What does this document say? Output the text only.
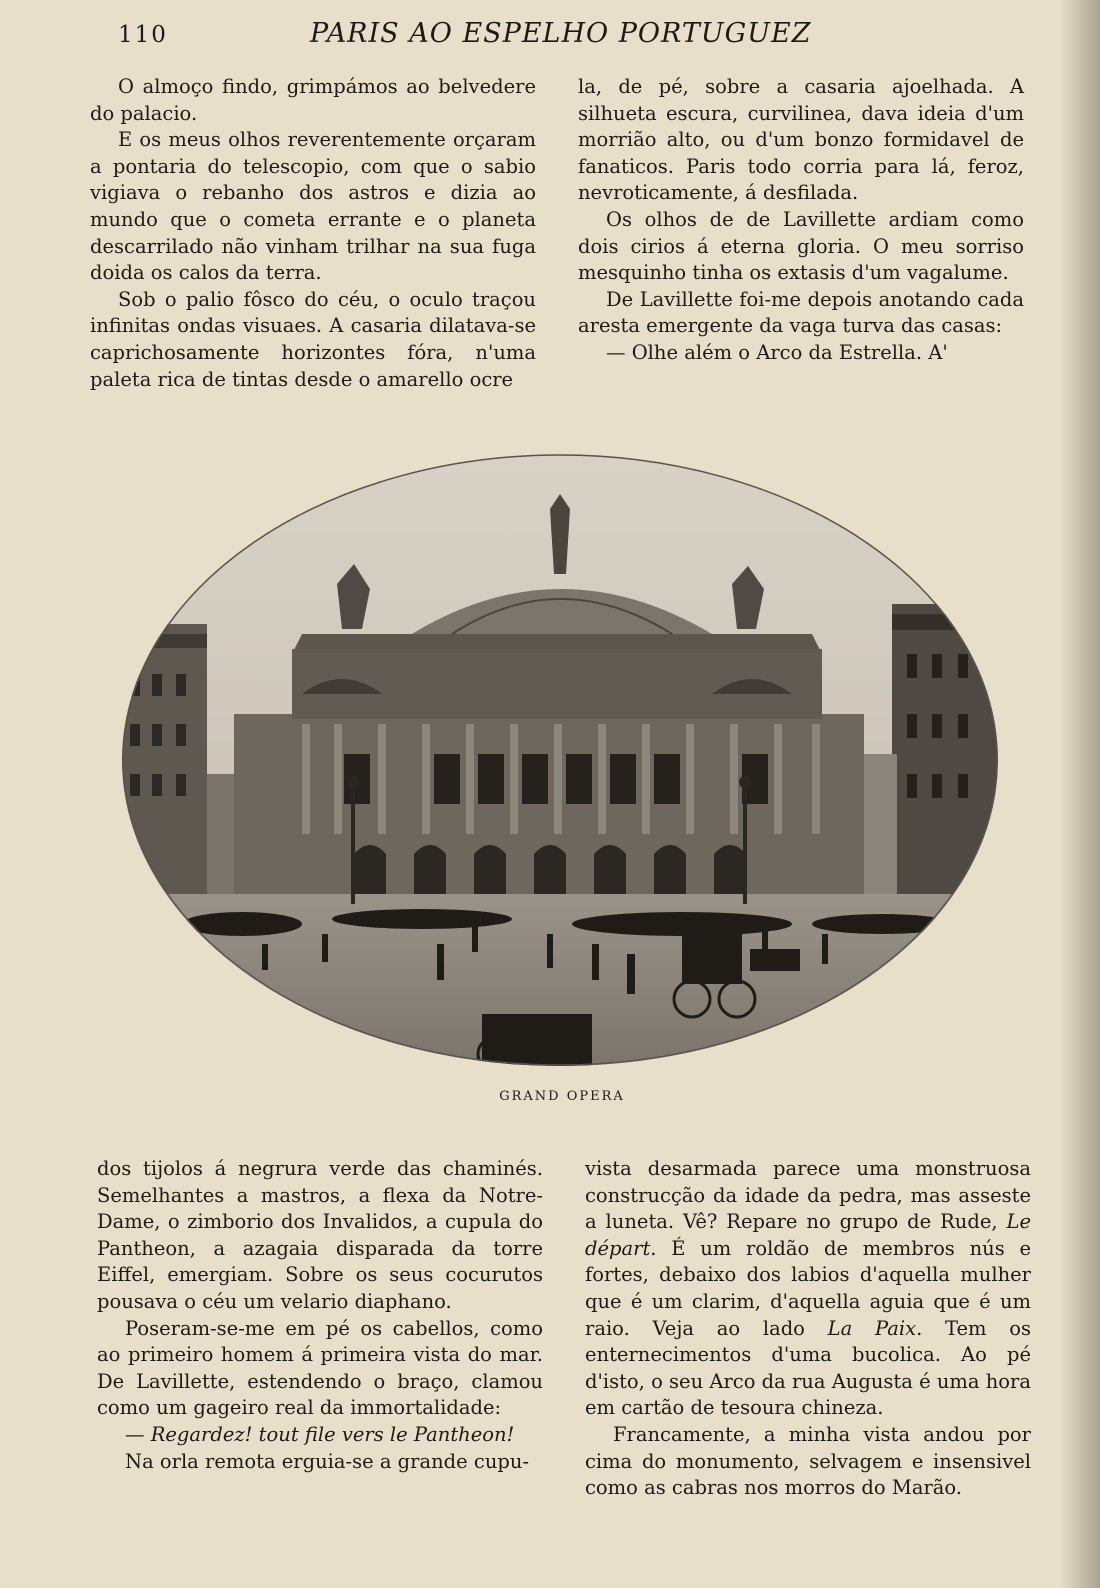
110	PARIS AO ESPELHO PORTUGUEZ

O almoço findo, grimpámos ao belvedere do palacio.

E os meus olhos reverentemente orçaram a pontaria do telescopio, com que o sabio vigiava o rebanho dos astros e dizia ao mundo que o cometa errante e o planeta descarrilado não vinham trilhar na sua fuga doida os calos da terra.

Sob o palio fôsco do céu, o oculo traçou infinitas ondas visuaes. A casaria dilatava-se caprichosamente horizontes fóra, n'uma paleta rica de tintas desde o amarello ocre

la, de pé, sobre a casaria ajoelhada. A silhueta escura, curvilinea, dava ideia d'um morrião alto, ou d'um bonzo formidavel de fanaticos. Paris todo corria para lá, feroz, nevroticamente, á desfilada.

Os olhos de de Lavillette ardiam como dois cirios á eterna gloria. O meu sorriso mesquinho tinha os extasis d'um vagalume.

De Lavillette foi-me depois anotando cada aresta emergente da vaga turva das casas:

— Olhe além o Arco da Estrella. A'

GRAND OPERA

dos tijolos á negrura verde das chaminés. Semelhantes a mastros, a flexa da Notre-Dame, o zimborio dos Invalidos, a cupula do Pantheon, a azagaia disparada da torre Eiffel, emergiam. Sobre os seus cocurutos pousava o céu um velario diaphano.

Poseram-se-me em pé os cabellos, como ao primeiro homem á primeira vista do mar. De Lavillette, estendendo o braço, clamou como um gageiro real da immortalidade:

— Regardez! tout file vers le Pantheon!

Na orla remota erguia-se a grande cupu-

vista desarmada parece uma monstruosa construcção da idade da pedra, mas asseste a luneta. Vê? Repare no grupo de Rude, Le départ. É um roldão de membros nús e fortes, debaixo dos labios d'aquella mulher que é um clarim, d'aquella aguia que é um raio. Veja ao lado La Paix. Tem os enternecimentos d'uma bucolica. Ao pé d'isto, o seu Arco da rua Augusta é uma hora em cartão de tesoura chineza.

Francamente, a minha vista andou por cima do monumento, selvagem e insensivel como as cabras nos morros do Marão.
